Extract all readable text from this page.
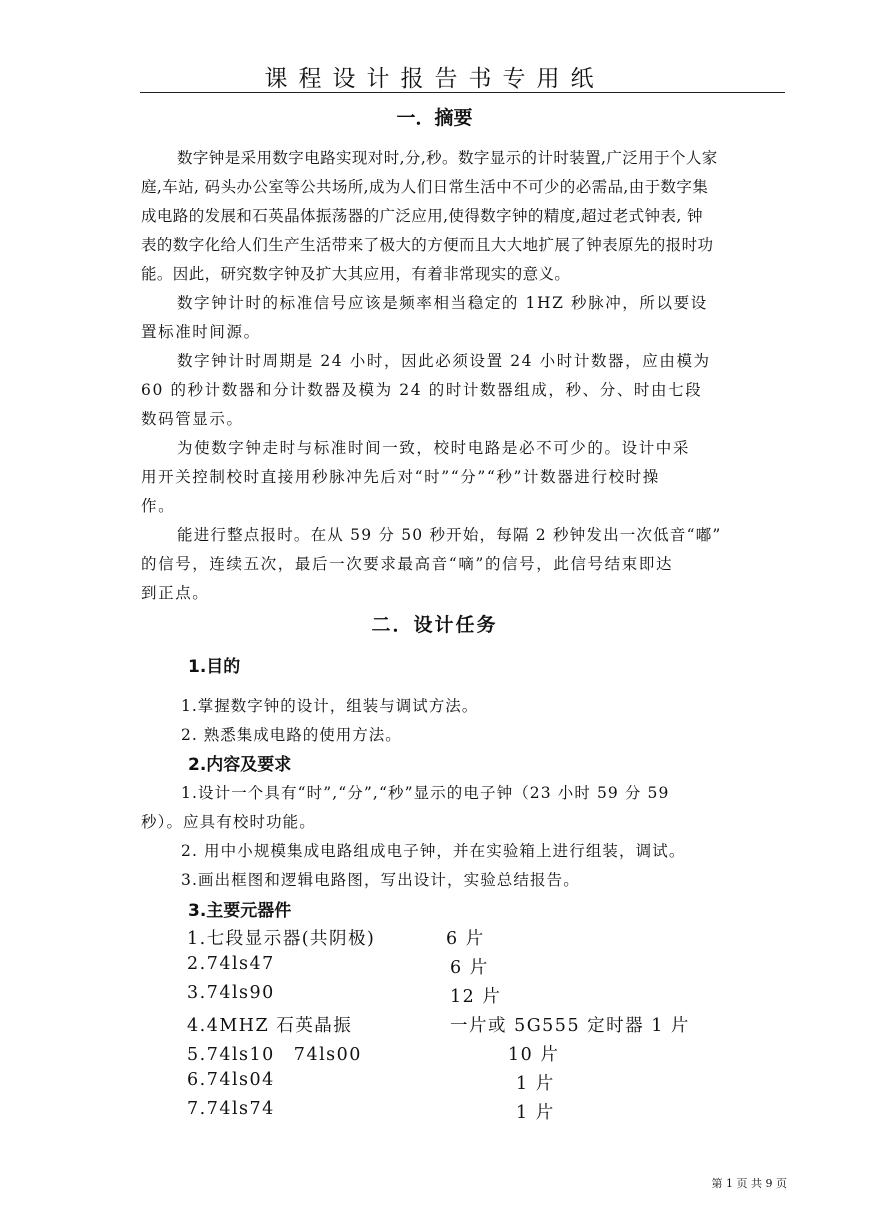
课程设计报告书专用纸
一．摘要
数字钟是采用数字电路实现对时,分,秒。数字显示的计时装置,广泛用于个人家
庭,车站, 码头办公室等公共场所,成为人们日常生活中不可少的必需品,由于数字集
成电路的发展和石英晶体振荡器的广泛应用,使得数字钟的精度,超过老式钟表, 钟
表的数字化给人们生产生活带来了极大的方便而且大大地扩展了钟表原先的报时功
能。因此，研究数字钟及扩大其应用，有着非常现实的意义。
数字钟计时的标准信号应该是频率相当稳定的 1HZ 秒脉冲，所以要设
置标准时间源。
数字钟计时周期是 24 小时，因此必须设置 24 小时计数器，应由模为
60 的秒计数器和分计数器及模为 24 的时计数器组成，秒、分、时由七段
数码管显示。
为使数字钟走时与标准时间一致，校时电路是必不可少的。设计中采
用开关控制校时直接用秒脉冲先后对“时”“分”“秒”计数器进行校时操
作。
能进行整点报时。在从 59 分 50 秒开始，每隔 2 秒钟发出一次低音“嘟”
的信号，连续五次，最后一次要求最高音“嘀”的信号，此信号结束即达
到正点。
二．设计任务
1.目的
1.掌握数字钟的设计，组装与调试方法。
2. 熟悉集成电路的使用方法。
2.内容及要求
1.设计一个具有“时”,“分”,“秒”显示的电子钟（23 小时 59 分 59
秒）。应具有校时功能。
2. 用中小规模集成电路组成电子钟，并在实验箱上进行组装，调试。
3.画出框图和逻辑电路图，写出设计，实验总结报告。
3.主要元器件
1.七段显示器(共阴极)	6 片
2.74ls47	6 片
3.74ls90	12 片
4.4MHZ 石英晶振	一片或 5G555 定时器 1 片
5.74ls10　74ls00	10 片
6.74ls04	1 片
7.74ls74	1 片
第 1 页 共 9 页
